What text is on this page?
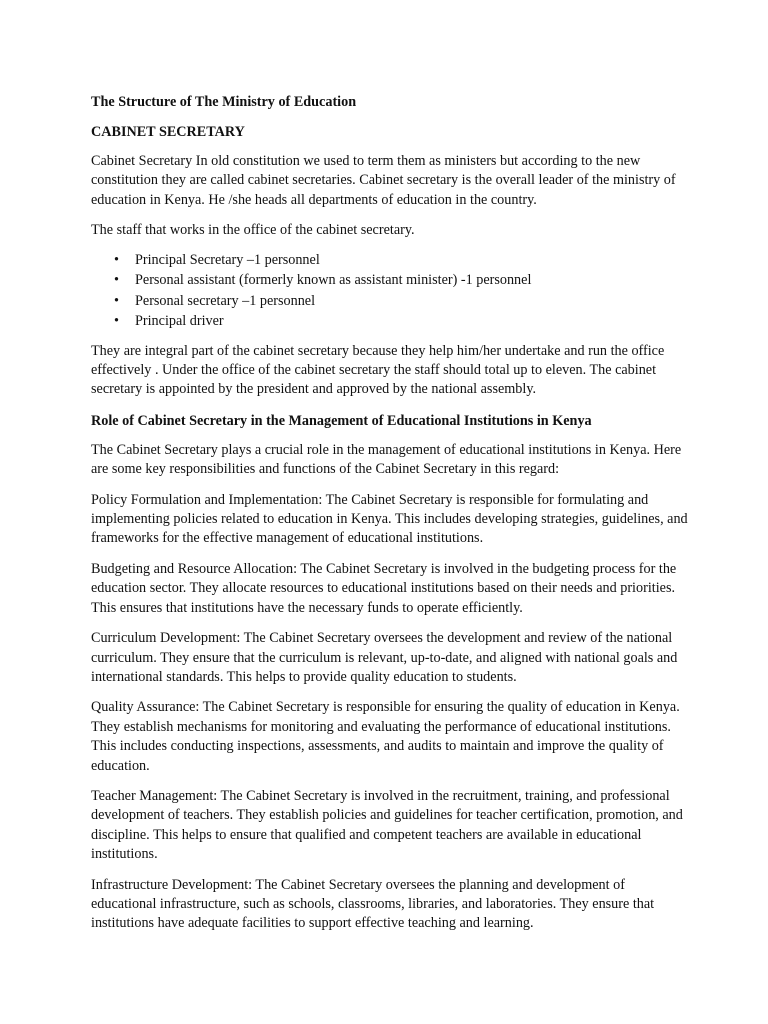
The Structure of The Ministry of Education
CABINET SECRETARY

Cabinet Secretary In old constitution we used to term them as ministers but according to the new constitution they are called cabinet secretaries. Cabinet secretary is the overall leader of the ministry of education in Kenya. He /she heads all departments of education in the country.

The staff that works in the office of the cabinet secretary.

• Principal Secretary –1 personnel
• Personal assistant (formerly known as assistant minister) -1 personnel
• Personal secretary –1 personnel
• Principal driver

They are integral part of the cabinet secretary because they help him/her undertake and run the office effectively . Under the office of the cabinet secretary the staff should total up to eleven. The cabinet secretary is appointed by the president and approved by the national assembly.

Role of Cabinet Secretary in the Management of Educational Institutions in Kenya

The Cabinet Secretary plays a crucial role in the management of educational institutions in Kenya. Here are some key responsibilities and functions of the Cabinet Secretary in this regard:

Policy Formulation and Implementation: The Cabinet Secretary is responsible for formulating and implementing policies related to education in Kenya. This includes developing strategies, guidelines, and frameworks for the effective management of educational institutions.

Budgeting and Resource Allocation: The Cabinet Secretary is involved in the budgeting process for the education sector. They allocate resources to educational institutions based on their needs and priorities. This ensures that institutions have the necessary funds to operate efficiently.

Curriculum Development: The Cabinet Secretary oversees the development and review of the national curriculum. They ensure that the curriculum is relevant, up-to-date, and aligned with national goals and international standards. This helps to provide quality education to students.

Quality Assurance: The Cabinet Secretary is responsible for ensuring the quality of education in Kenya. They establish mechanisms for monitoring and evaluating the performance of educational institutions. This includes conducting inspections, assessments, and audits to maintain and improve the quality of education.

Teacher Management: The Cabinet Secretary is involved in the recruitment, training, and professional development of teachers. They establish policies and guidelines for teacher certification, promotion, and discipline. This helps to ensure that qualified and competent teachers are available in educational institutions.

Infrastructure Development: The Cabinet Secretary oversees the planning and development of educational infrastructure, such as schools, classrooms, libraries, and laboratories. They ensure that institutions have adequate facilities to support effective teaching and learning.
